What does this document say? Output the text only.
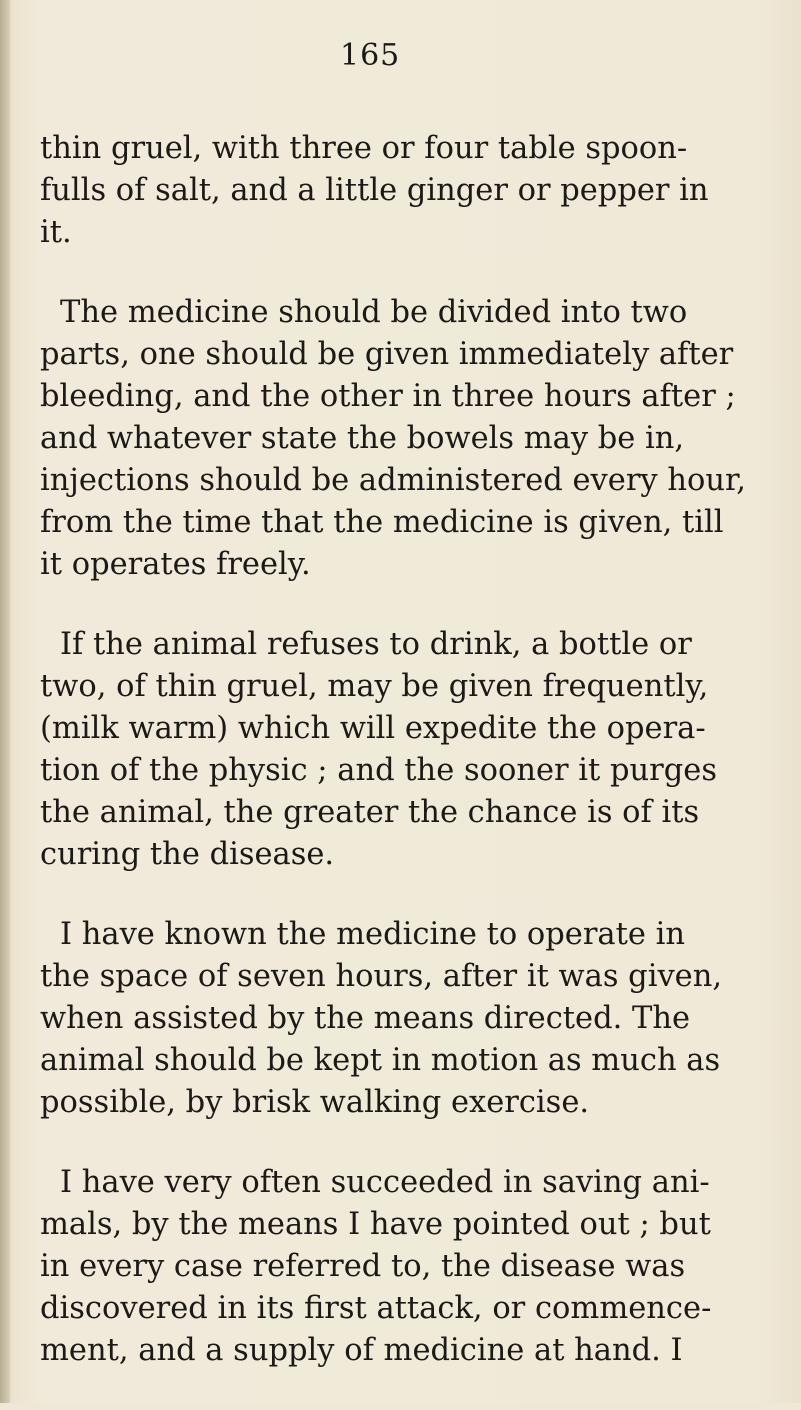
165

thin gruel, with three or four table spoon-
fulls of salt, and a little ginger or pepper in
it.

The medicine should be divided into two
parts, one should be given immediately after
bleeding, and the other in three hours after ;
and whatever state the bowels may be in,
injections should be administered every hour,
from the time that the medicine is given, till
it operates freely.

If the animal refuses to drink, a bottle or
two, of thin gruel, may be given frequently,
(milk warm) which will expedite the opera-
tion of the physic ; and the sooner it purges
the animal, the greater the chance is of its
curing the disease.

I have known the medicine to operate in
the space of seven hours, after it was given,
when assisted by the means directed. The
animal should be kept in motion as much as
possible, by brisk walking exercise.

I have very often succeeded in saving ani-
mals, by the means I have pointed out ; but
in every case referred to, the disease was
discovered in its first attack, or commence-
ment, and a supply of medicine at hand. I
